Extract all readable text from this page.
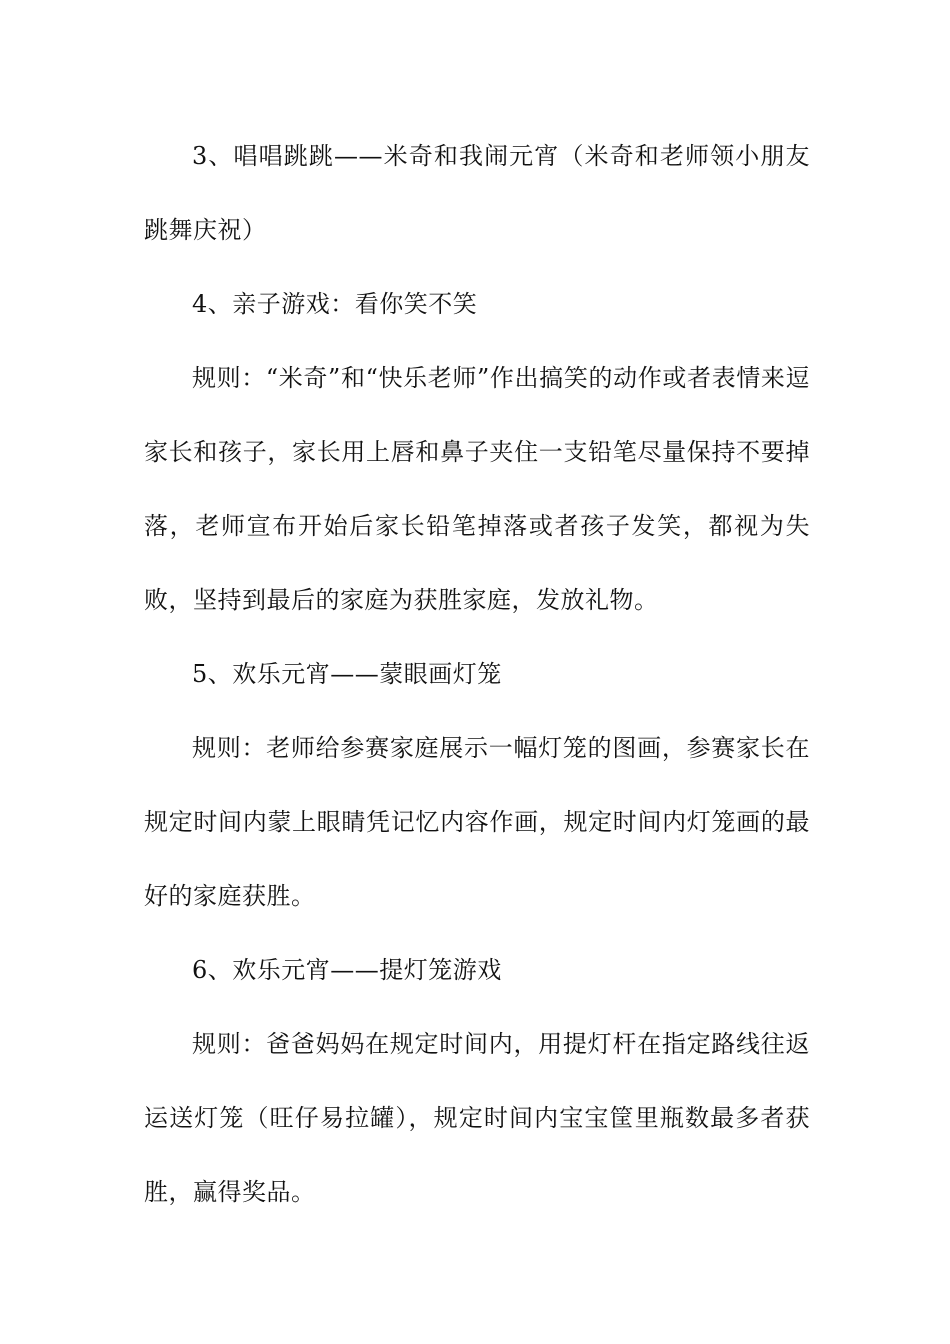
3、唱唱跳跳——米奇和我闹元宵（米奇和老师领小朋友跳舞庆祝）

4、亲子游戏：看你笑不笑

规则：“米奇”和“快乐老师”作出搞笑的动作或者表情来逗家长和孩子，家长用上唇和鼻子夹住一支铅笔尽量保持不要掉落，老师宣布开始后家长铅笔掉落或者孩子发笑，都视为失败，坚持到最后的家庭为获胜家庭，发放礼物。

5、欢乐元宵——蒙眼画灯笼

规则：老师给参赛家庭展示一幅灯笼的图画，参赛家长在规定时间内蒙上眼睛凭记忆内容作画，规定时间内灯笼画的最好的家庭获胜。

6、欢乐元宵——提灯笼游戏

规则：爸爸妈妈在规定时间内，用提灯杆在指定路线往返运送灯笼（旺仔易拉罐），规定时间内宝宝筐里瓶数最多者获胜，赢得奖品。
